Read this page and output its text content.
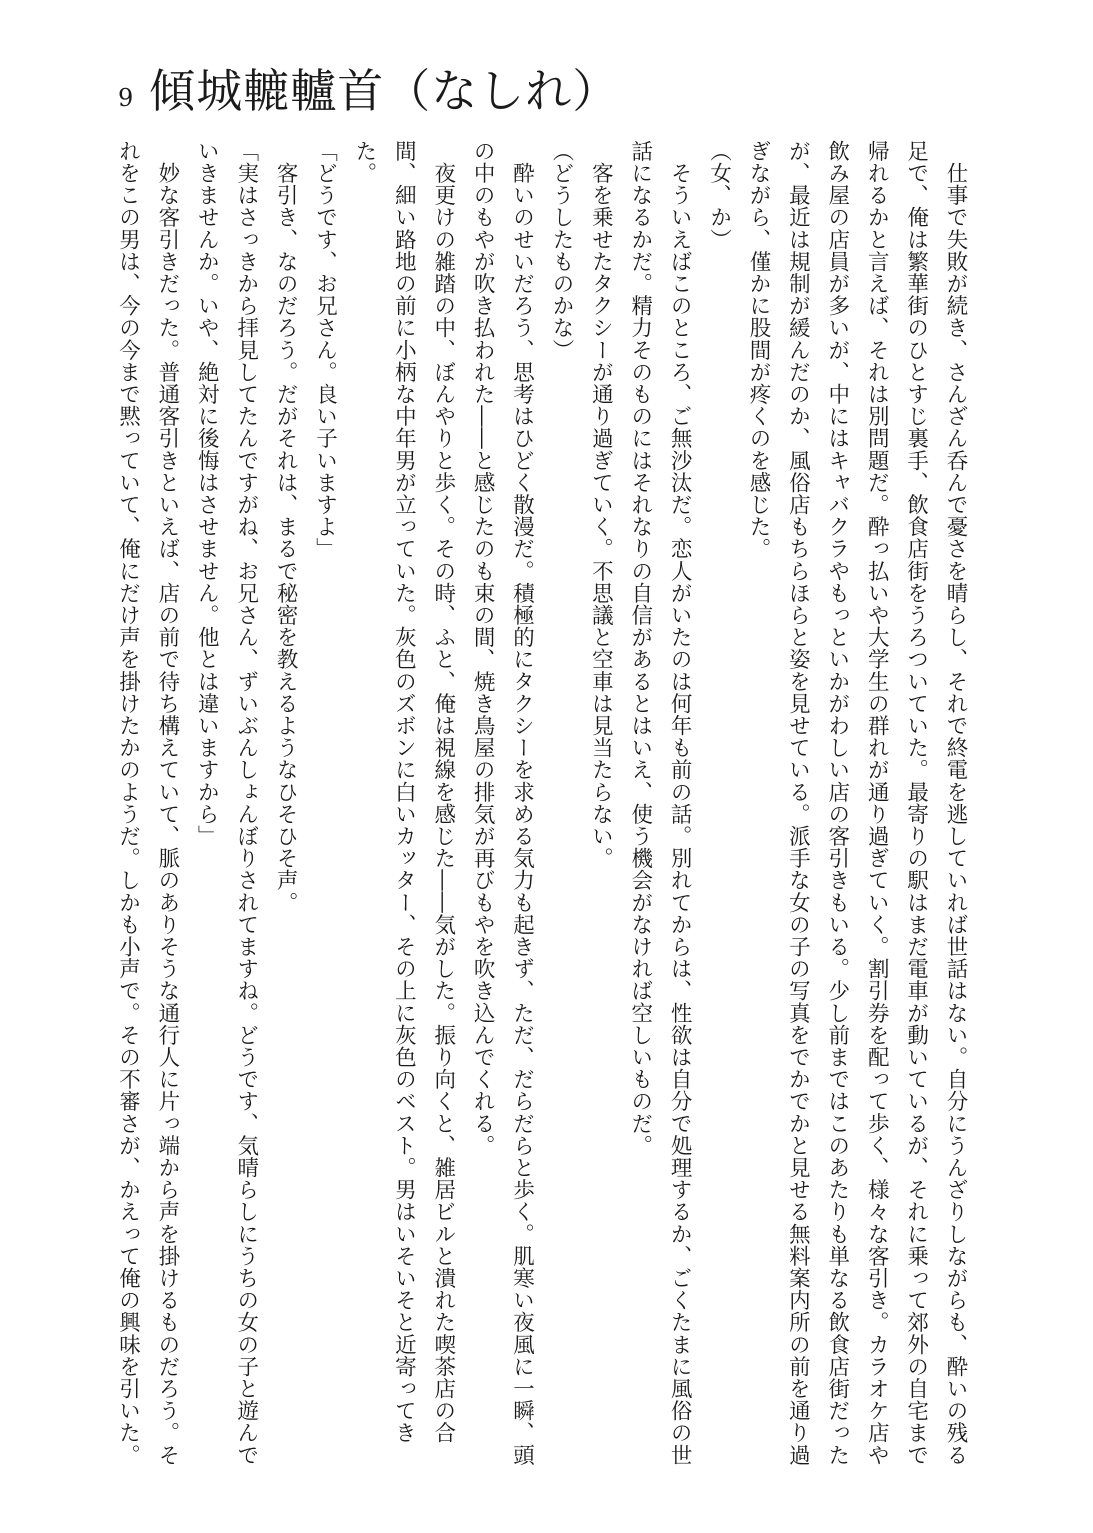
9 傾城轆轤首（なしれ）

　仕事で失敗が続き、さんざん呑んで憂さを晴らし、それで終電を逃していれば世話はない。自分にうんざりしながらも、酔いの残る足で、俺は繁華街のひとすじ裏手、飲食店街をうろついていた。最寄りの駅はまだ電車が動いているが、それに乗って郊外の自宅まで帰れるかと言えば、それは別問題だ。酔っ払いや大学生の群れが通り過ぎていく。割引券を配って歩く、様々な客引き。カラオケ店や飲み屋の店員が多いが、中にはキャバクラやもっといかがわしい店の客引きもいる。少し前まではこのあたりも単なる飲食店街だったが、最近は規制が緩んだのか、風俗店もちらほらと姿を見せている。派手な女の子の写真をでかでかと見せる無料案内所の前を通り過ぎながら、僅かに股間が疼くのを感じた。

（女、か）

　そういえばこのところ、ご無沙汰だ。恋人がいたのは何年も前の話。別れてからは、性欲は自分で処理するか、ごくたまに風俗の世話になるかだ。精力そのものにはそれなりの自信があるとはいえ、使う機会がなければ空しいものだ。

　客を乗せたタクシーが通り過ぎていく。不思議と空車は見当たらない。

（どうしたものかな）

　酔いのせいだろう、思考はひどく散漫だ。積極的にタクシーを求める気力も起きず、ただ、だらだらと歩く。肌寒い夜風に一瞬、頭の中のもやが吹き払われた――と感じたのも束の間、焼き鳥屋の排気が再びもやを吹き込んでくれる。

　夜更けの雑踏の中、ぼんやりと歩く。その時、ふと、俺は視線を感じた――気がした。振り向くと、雑居ビルと潰れた喫茶店の合間、細い路地の前に小柄な中年男が立っていた。灰色のズボンに白いカッター、その上に灰色のベスト。男はいそいそと近寄ってきた。

「どうです、お兄さん。良い子いますよ」

　客引き、なのだろう。だがそれは、まるで秘密を教えるようなひそひそ声。

「実はさっきから拝見してたんですがね、お兄さん、ずいぶんしょんぼりされてますね。どうです、気晴らしにうちの女の子と遊んでいきませんか。いや、絶対に後悔はさせません。他とは違いますから」

　妙な客引きだった。普通客引きといえば、店の前で待ち構えていて、脈のありそうな通行人に片っ端から声を掛けるものだろう。それをこの男は、今の今まで黙っていて、俺にだけ声を掛けたかのようだ。しかも小声で。その不審さが、かえって俺の興味を引いた。
